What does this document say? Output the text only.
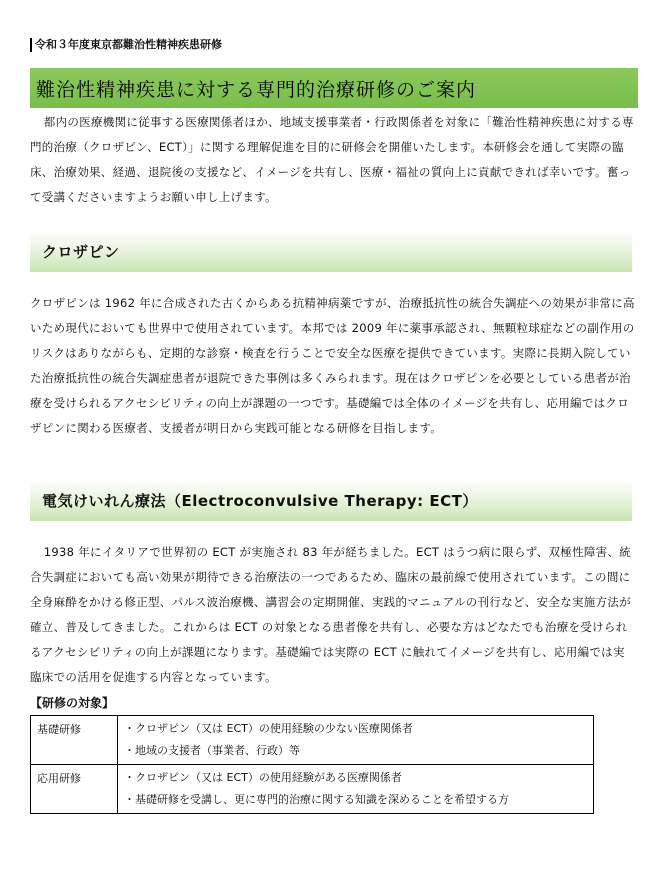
令和３年度東京都難治性精神疾患研修
難治性精神疾患に対する専門的治療研修のご案内

都内の医療機関に従事する医療関係者ほか、地域支援事業者・行政関係者を対象に「難治性精神疾患に対する専門的治療（クロザピン、ECT）」に関する理解促進を目的に研修会を開催いたします。本研修会を通して実際の臨床、治療効果、経過、退院後の支援など、イメージを共有し、医療・福祉の質向上に貢献できれば幸いです。奮って受講くださいますようお願い申し上げます。

クロザピン

クロザピンは 1962 年に合成された古くからある抗精神病薬ですが、治療抵抗性の統合失調症への効果が非常に高いため現代においても世界中で使用されています。本邦では 2009 年に薬事承認され、無顆粒球症などの副作用のリスクはありながらも、定期的な診察・検査を行うことで安全な医療を提供できています。実際に長期入院していた治療抵抗性の統合失調症患者が退院できた事例は多くみられます。現在はクロザピンを必要としている患者が治療を受けられるアクセシビリティの向上が課題の一つです。基礎編では全体のイメージを共有し、応用編ではクロザピンに関わる医療者、支援者が明日から実践可能となる研修を目指します。

電気けいれん療法（Electroconvulsive Therapy: ECT）

1938 年にイタリアで世界初の ECT が実施され 83 年が経ちました。ECT はうつ病に限らず、双極性障害、統合失調症においても高い効果が期待できる治療法の一つであるため、臨床の最前線で使用されています。この間に全身麻酔をかける修正型、パルス波治療機、講習会の定期開催、実践的マニュアルの刊行など、安全な実施方法が確立、普及してきました。これからは ECT の対象となる患者像を共有し、必要な方はどなたでも治療を受けられるアクセシビリティの向上が課題になります。基礎編では実際の ECT に触れてイメージを共有し、応用編では実臨床での活用を促進する内容となっています。

【研修の対象】
基礎研修	・クロザピン（又は ECT）の使用経験の少ない医療関係者
・地域の支援者（事業者、行政）等

応用研修	・クロザピン（又は ECT）の使用経験がある医療関係者
・基礎研修を受講し、更に専門的治療に関する知識を深めることを希望する方
